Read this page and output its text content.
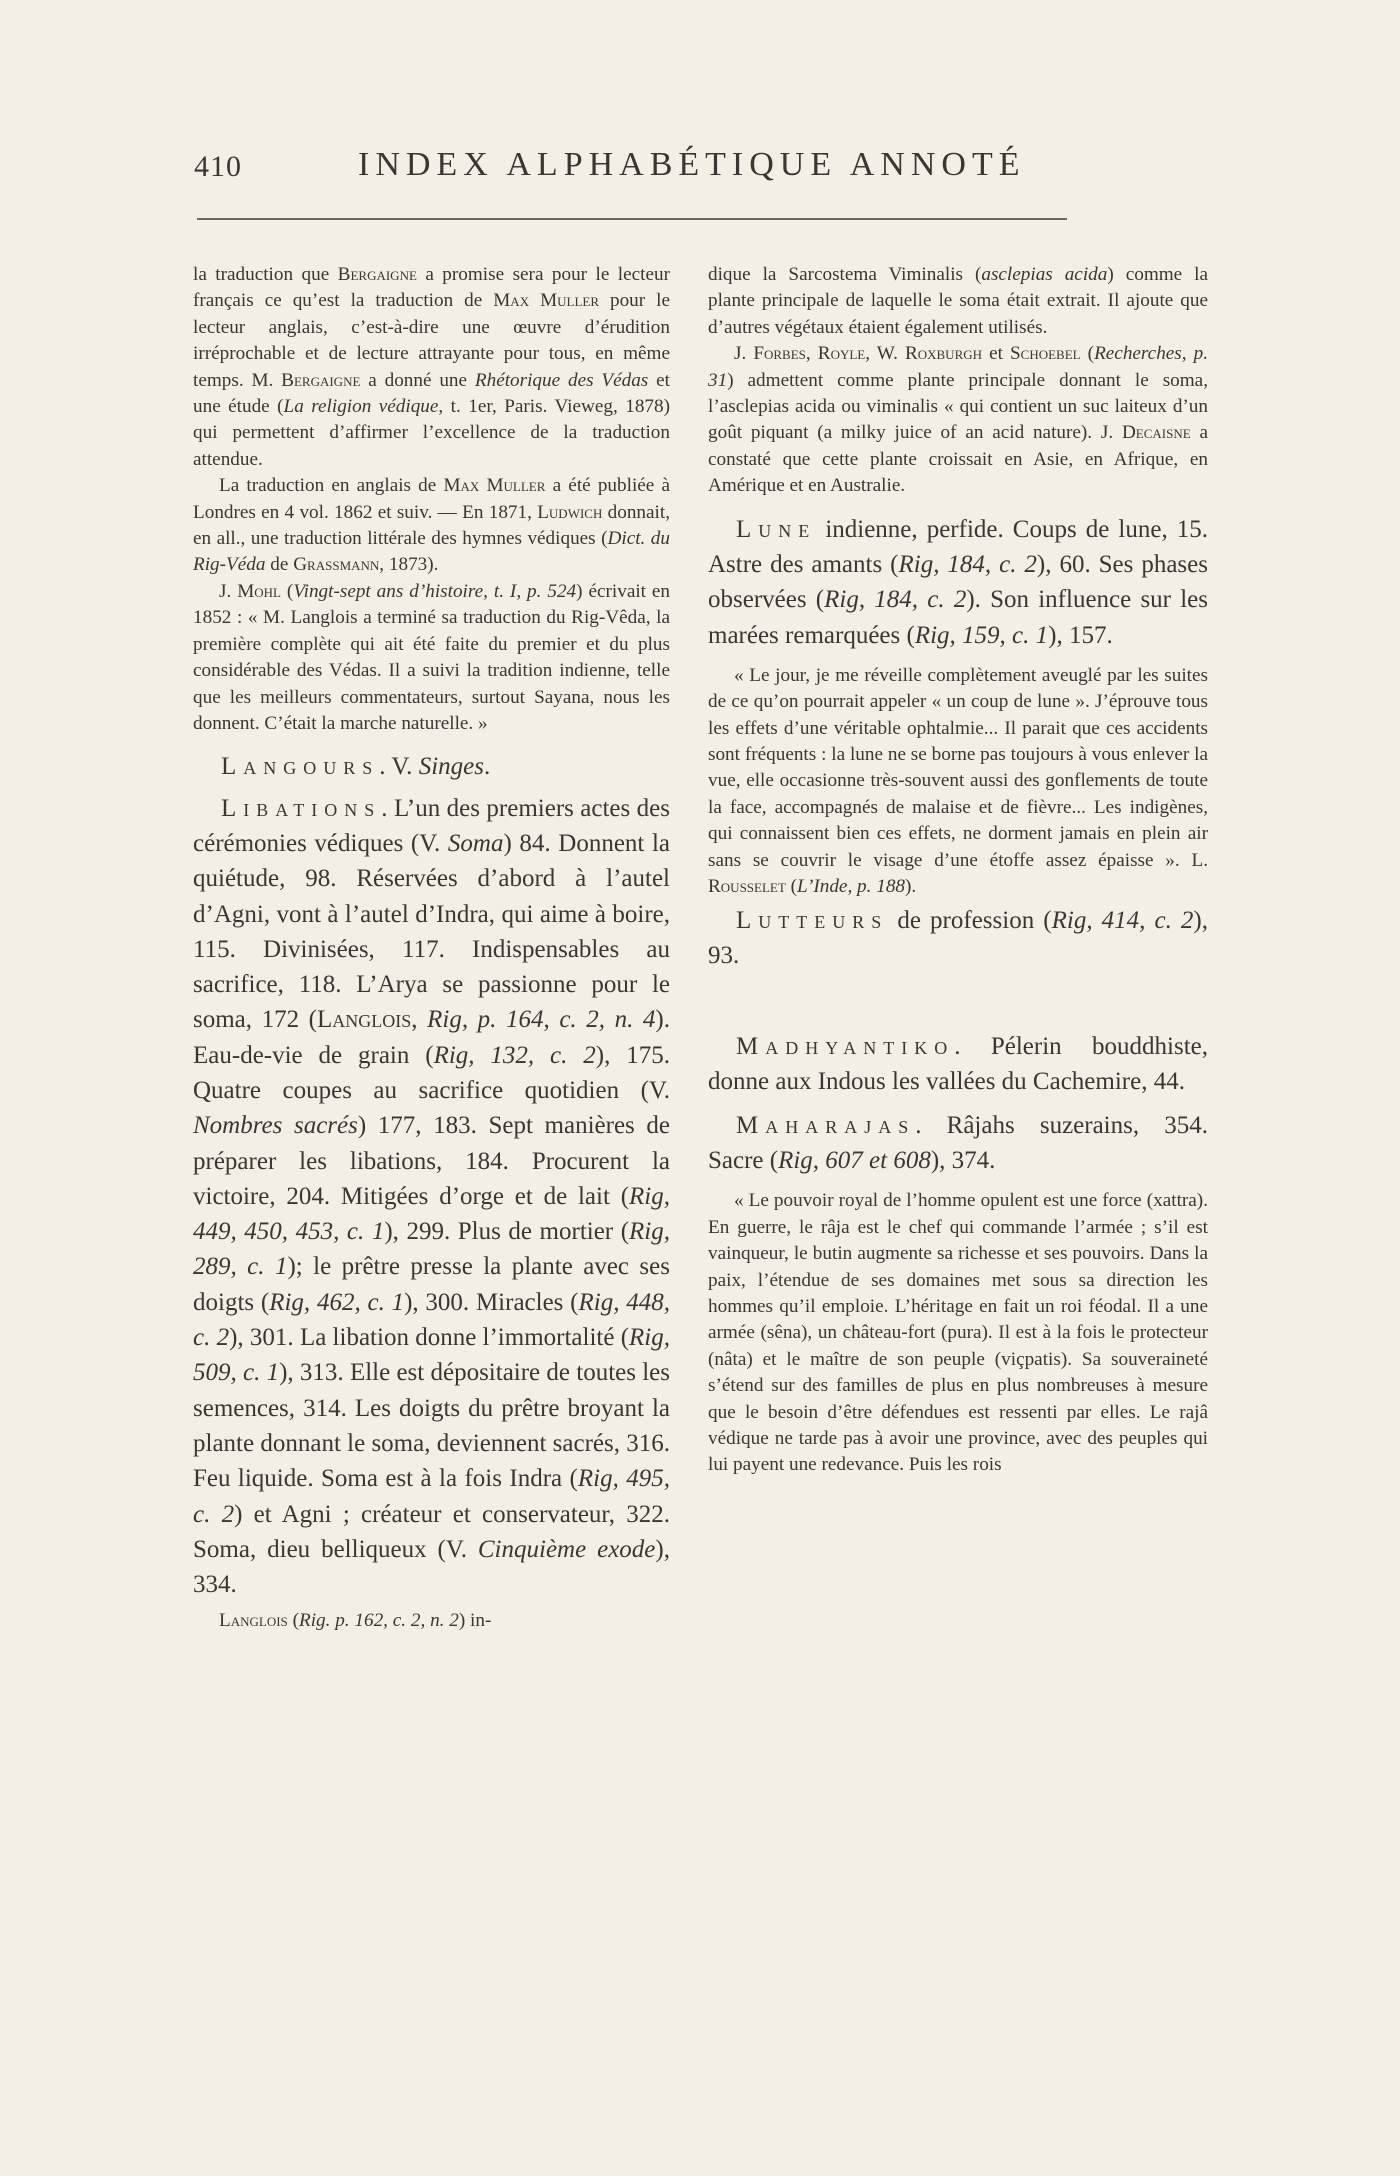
410	INDEX ALPHABÉTIQUE ANNOTÉ
la traduction que Bergaigne a promise sera pour le lecteur français ce qu’est la traduction de Max Muller pour le lecteur anglais, c’est-à-dire une œuvre d’érudition irréprochable et de lecture attrayante pour tous, en même temps. M. Bergaigne a donné une Rhétorique des Védas et une étude (La religion védique, t. 1er, Paris. Vieweg, 1878) qui permettent d’affirmer l’excellence de la traduction attendue.
La traduction en anglais de Max Muller a été publiée à Londres en 4 vol. 1862 et suiv. — En 1871, Ludwich donnait, en all., une traduction littérale des hymnes védiques (Dict. du Rig-Véda de Grassmann, 1873).
J. Mohl (Vingt-sept ans d’histoire, t. I, p. 524) écrivait en 1852 : « M. Langlois a terminé sa traduction du Rig-Vêda, la première complète qui ait été faite du premier et du plus considérable des Védas. Il a suivi la tradition indienne, telle que les meilleurs commentateurs, surtout Sayana, nous les donnent. C’était la marche naturelle. »
Langours. V. Singes.
Libations. L’un des premiers actes des cérémonies védiques (V. Soma) 84. Donnent la quiétude, 98. Réservées d’abord à l’autel d’Agni, vont à l’autel d’Indra, qui aime à boire, 115. Divinisées, 117. Indispensables au sacrifice, 118. L’Arya se passionne pour le soma, 172 (Langlois, Rig, p. 164, c. 2, n. 4). Eau-de-vie de grain (Rig, 132, c. 2), 175. Quatre coupes au sacrifice quotidien (V. Nombres sacrés) 177, 183. Sept manières de préparer les libations, 184. Procurent la victoire, 204. Mitigées d’orge et de lait (Rig, 449, 450, 453, c. 1), 299. Plus de mortier (Rig, 289, c. 1); le prêtre presse la plante avec ses doigts (Rig, 462, c. 1), 300. Miracles (Rig, 448, c. 2), 301. La libation donne l’immortalité (Rig, 509, c. 1), 313. Elle est dépositaire de toutes les semences, 314. Les doigts du prêtre broyant la plante donnant le soma, deviennent sacrés, 316. Feu liquide. Soma est à la fois Indra (Rig, 495, c. 2) et Agni ; créateur et conservateur, 322. Soma, dieu belliqueux (V. Cinquième exode), 334.
Langlois (Rig. p. 162, c. 2, n. 2) in-
dique la Sarcostema Viminalis (asclepias acida) comme la plante principale de laquelle le soma était extrait. Il ajoute que d’autres végétaux étaient également utilisés.
J. Forbes, Royle, W. Roxburgh et Schoebel (Recherches, p. 31) admettent comme plante principale donnant le soma, l’asclepias acida ou viminalis « qui contient un suc laiteux d’un goût piquant (a milky juice of an acid nature). J. Decaisne a constaté que cette plante croissait en Asie, en Afrique, en Amérique et en Australie.
Lune indienne, perfide. Coups de lune, 15. Astre des amants (Rig, 184, c. 2), 60. Ses phases observées (Rig, 184, c. 2). Son influence sur les marées remarquées (Rig, 159, c. 1), 157.
« Le jour, je me réveille complètement aveuglé par les suites de ce qu’on pourrait appeler « un coup de lune ». J’éprouve tous les effets d’une véritable ophtalmie... Il parait que ces accidents sont fréquents : la lune ne se borne pas toujours à vous enlever la vue, elle occasionne très-souvent aussi des gonflements de toute la face, accompagnés de malaise et de fièvre... Les indigènes, qui connaissent bien ces effets, ne dorment jamais en plein air sans se couvrir le visage d’une étoffe assez épaisse ». L. Rousselet (L’Inde, p. 188).
Lutteurs de profession (Rig, 414, c. 2), 93.
Madhyantiko. Pélerin bouddhiste, donne aux Indous les vallées du Cachemire, 44.
Maharajas. Râjahs suzerains, 354. Sacre (Rig, 607 et 608), 374.
« Le pouvoir royal de l’homme opulent est une force (xattra). En guerre, le râja est le chef qui commande l’armée ; s’il est vainqueur, le butin augmente sa richesse et ses pouvoirs. Dans la paix, l’étendue de ses domaines met sous sa direction les hommes qu’il emploie. L’héritage en fait un roi féodal. Il a une armée (sêna), un château-fort (pura). Il est à la fois le protecteur (nâta) et le maître de son peuple (viçpatis). Sa souveraineté s’étend sur des familles de plus en plus nombreuses à mesure que le besoin d’être défendues est ressenti par elles. Le rajâ védique ne tarde pas à avoir une province, avec des peuples qui lui payent une redevance. Puis les rois
